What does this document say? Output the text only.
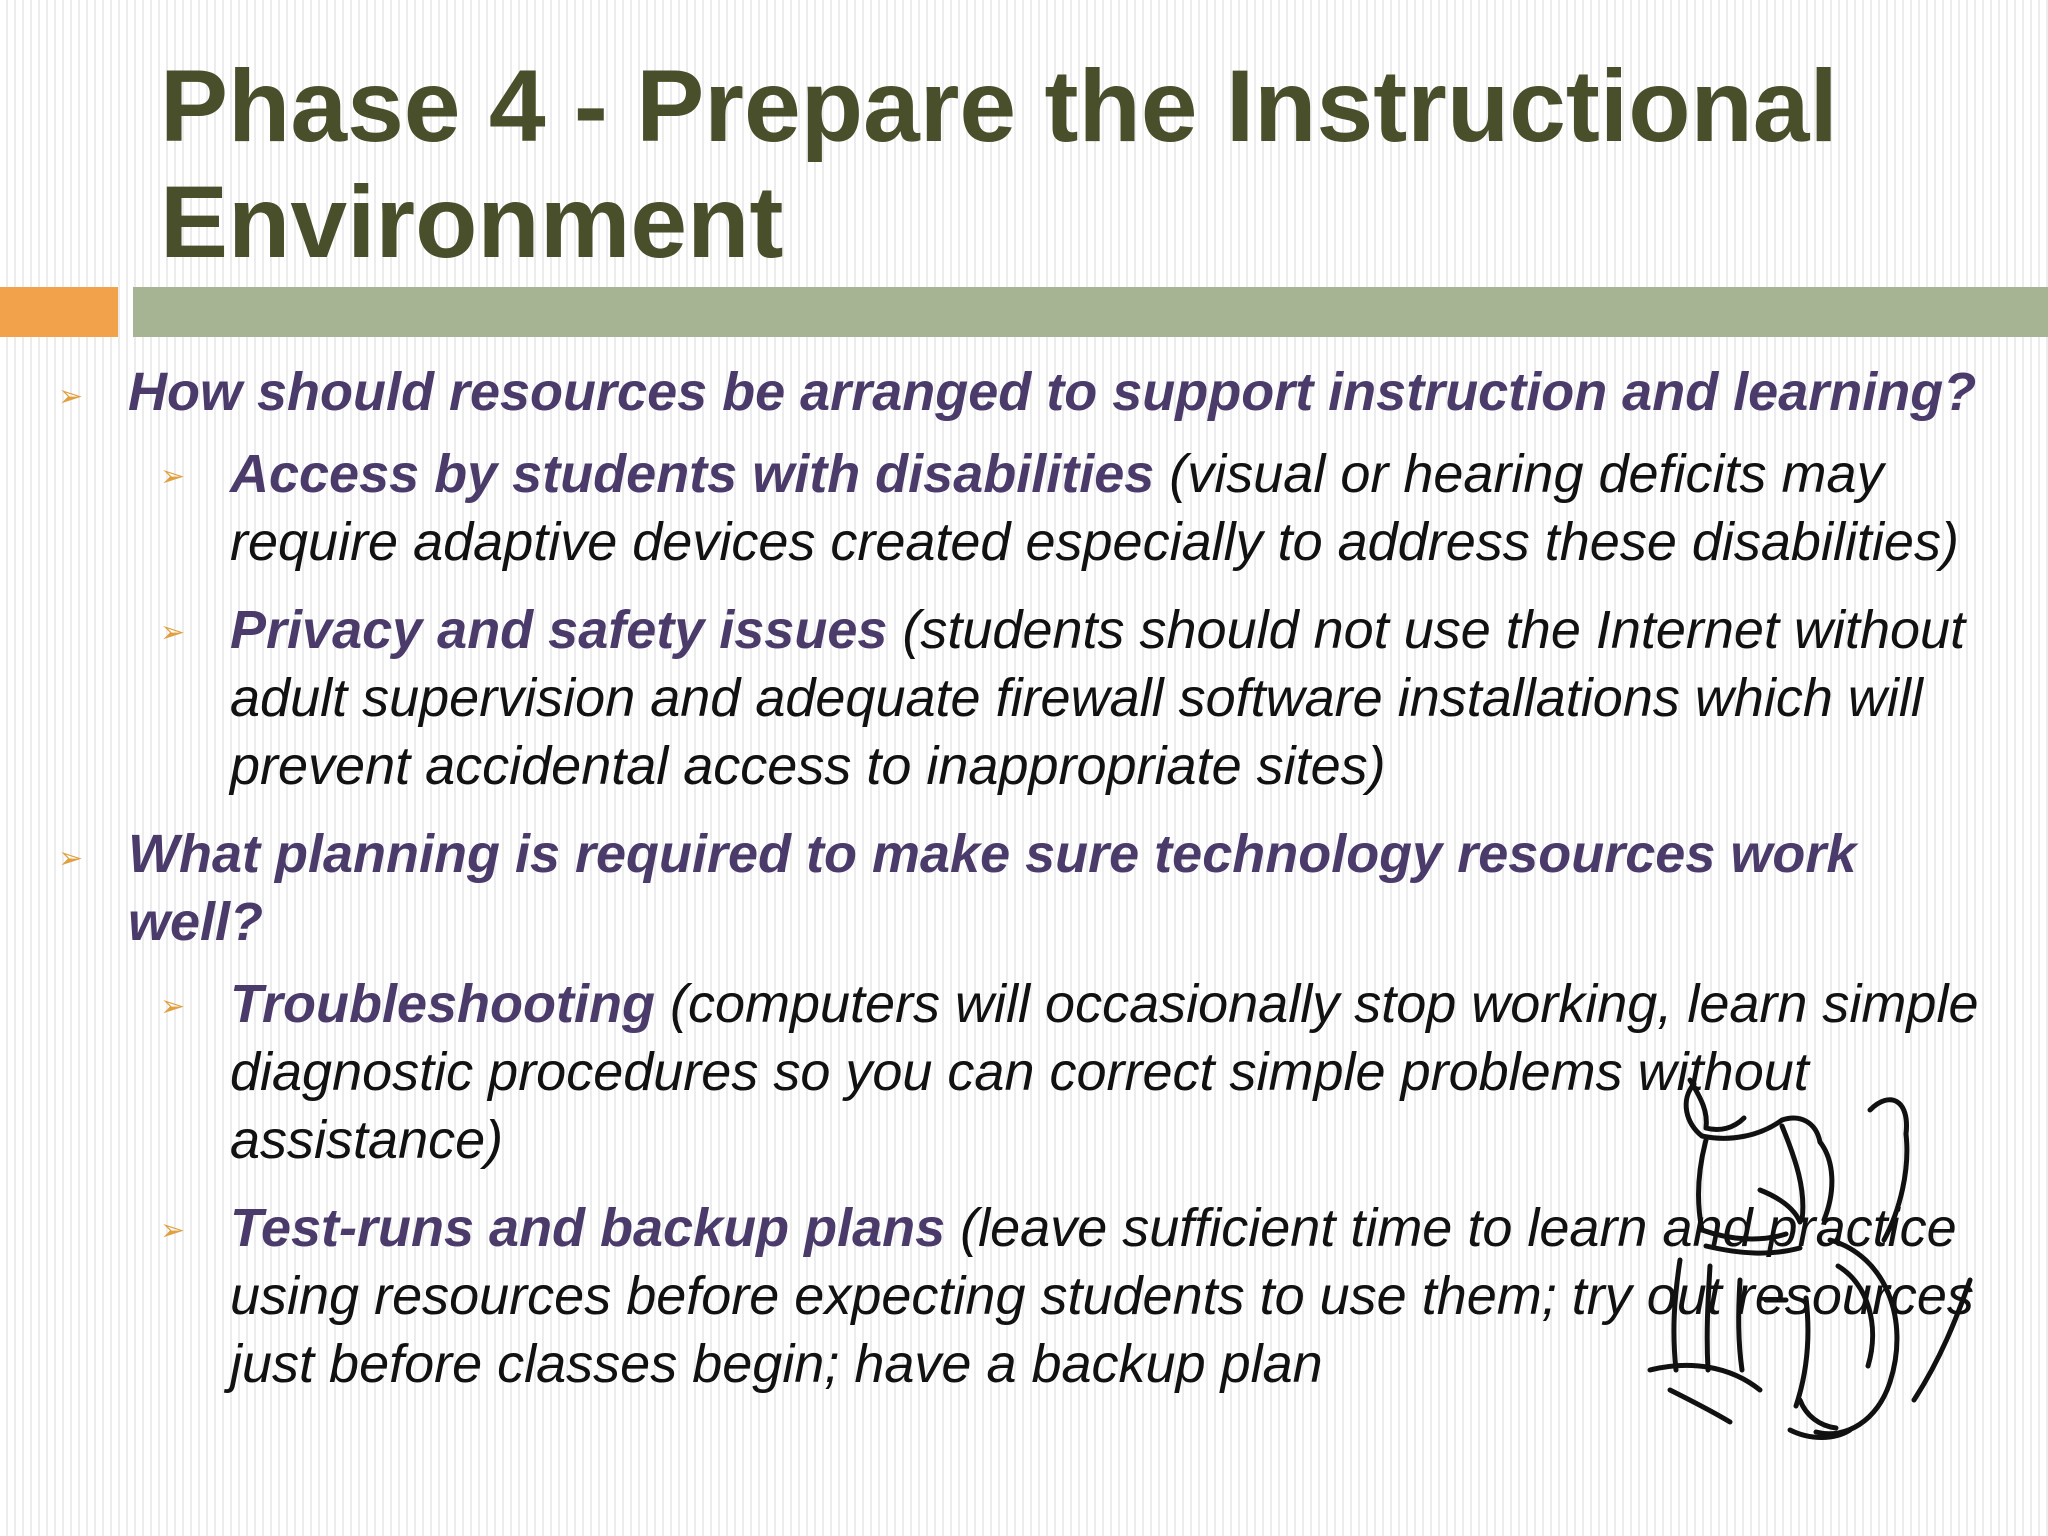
Phase 4 - Prepare the Instructional Environment
➢ How should resources be arranged to support instruction and learning?
➢ Access by students with disabilities (visual or hearing deficits may require adaptive devices created especially to address these disabilities)
➢ Privacy and safety issues (students should not use the Internet without adult supervision and adequate firewall software installations which will prevent accidental access to inappropriate sites)
➢ What planning is required to make sure technology resources work well?
➢ Troubleshooting (computers will occasionally stop working, learn simple diagnostic procedures so you can correct simple problems without assistance)
➢ Test-runs and backup plans (leave sufficient time to learn and practice using resources before expecting students to use them; try out resources just before classes begin; have a backup plan
